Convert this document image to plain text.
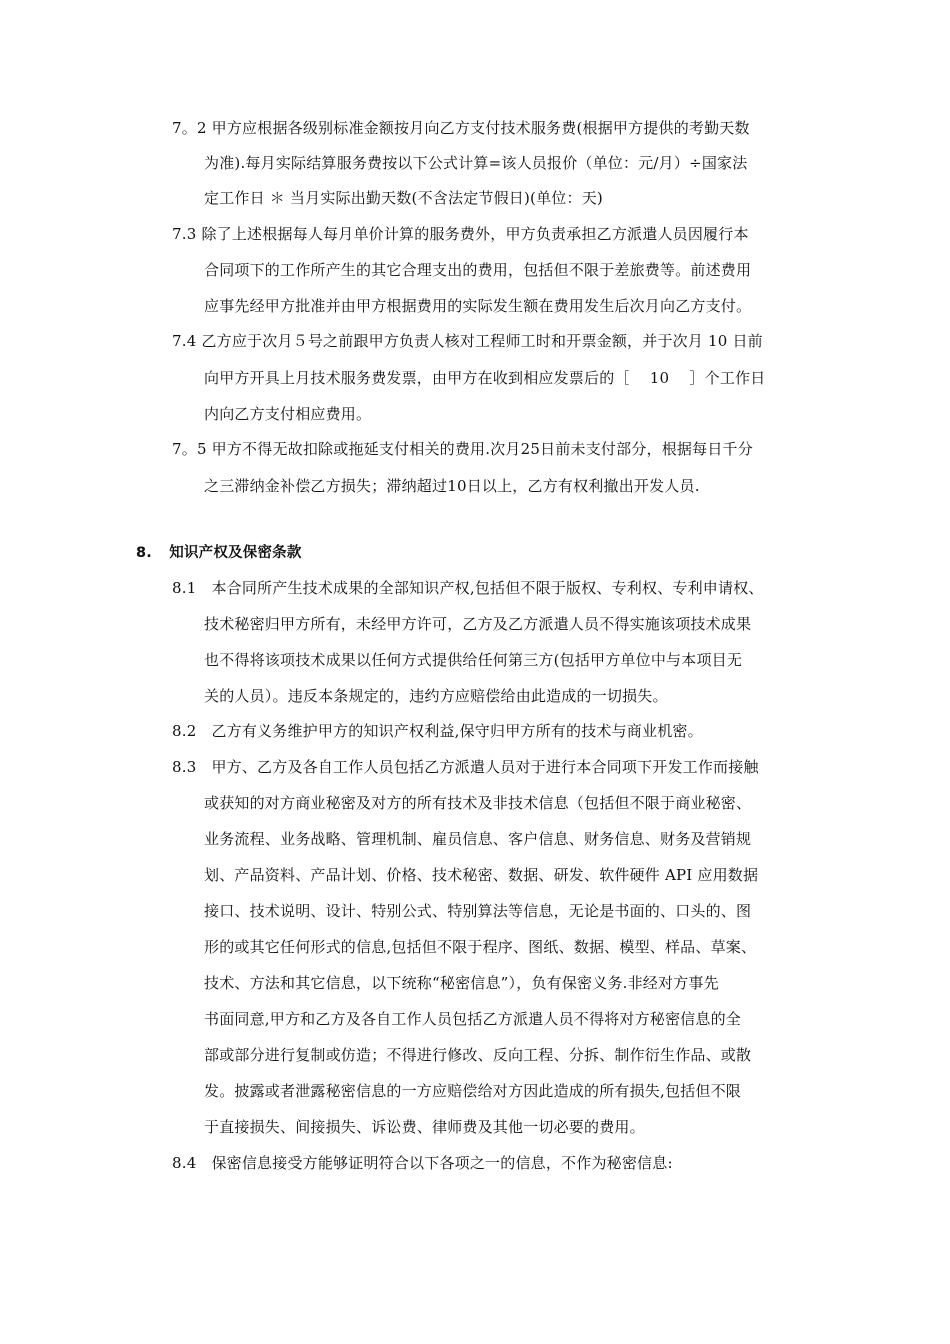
7。2 甲方应根据各级别标准金额按月向乙方支付技术服务费(根据甲方提供的考勤天数
为准).每月实际结算服务费按以下公式计算=该人员报价（单位：元/月）÷国家法
定工作日 ＊ 当月实际出勤天数(不含法定节假日)(单位：天)
7.3 除了上述根据每人每月单价计算的服务费外，甲方负责承担乙方派遣人员因履行本
合同项下的工作所产生的其它合理支出的费用，包括但不限于差旅费等。前述费用
应事先经甲方批准并由甲方根据费用的实际发生额在费用发生后次月向乙方支付。
7.4 乙方应于次月５号之前跟甲方负责人核对工程师工时和开票金额，并于次月 10 日前
向甲方开具上月技术服务费发票，由甲方在收到相应发票后的［　 10　 ］个工作日
内向乙方支付相应费用。
7。5 甲方不得无故扣除或拖延支付相关的费用.次月25日前未支付部分，根据每日千分
之三滞纳金补偿乙方损失；滞纳超过10日以上，乙方有权利撤出开发人员.
8. 知识产权及保密条款
8.1 本合同所产生技术成果的全部知识产权,包括但不限于版权、专利权、专利申请权、
技术秘密归甲方所有，未经甲方许可，乙方及乙方派遣人员不得实施该项技术成果
也不得将该项技术成果以任何方式提供给任何第三方(包括甲方单位中与本项目无
关的人员）。违反本条规定的，违约方应赔偿给由此造成的一切损失。
8.2 乙方有义务维护甲方的知识产权利益,保守归甲方所有的技术与商业机密。
8.3 甲方、乙方及各自工作人员包括乙方派遣人员对于进行本合同项下开发工作而接触
或获知的对方商业秘密及对方的所有技术及非技术信息（包括但不限于商业秘密、
业务流程、业务战略、管理机制、雇员信息、客户信息、财务信息、财务及营销规
划、产品资料、产品计划、价格、技术秘密、数据、研发、软件硬件 API 应用数据
接口、技术说明、设计、特别公式、特别算法等信息，无论是书面的、口头的、图
形的或其它任何形式的信息,包括但不限于程序、图纸、数据、模型、样品、草案、
技术、方法和其它信息，以下统称“秘密信息”），负有保密义务.非经对方事先
书面同意,甲方和乙方及各自工作人员包括乙方派遣人员不得将对方秘密信息的全
部或部分进行复制或仿造；不得进行修改、反向工程、分拆、制作衍生作品、或散
发。披露或者泄露秘密信息的一方应赔偿给对方因此造成的所有损失,包括但不限
于直接损失、间接损失、诉讼费、律师费及其他一切必要的费用。
8.4 保密信息接受方能够证明符合以下各项之一的信息，不作为秘密信息:
